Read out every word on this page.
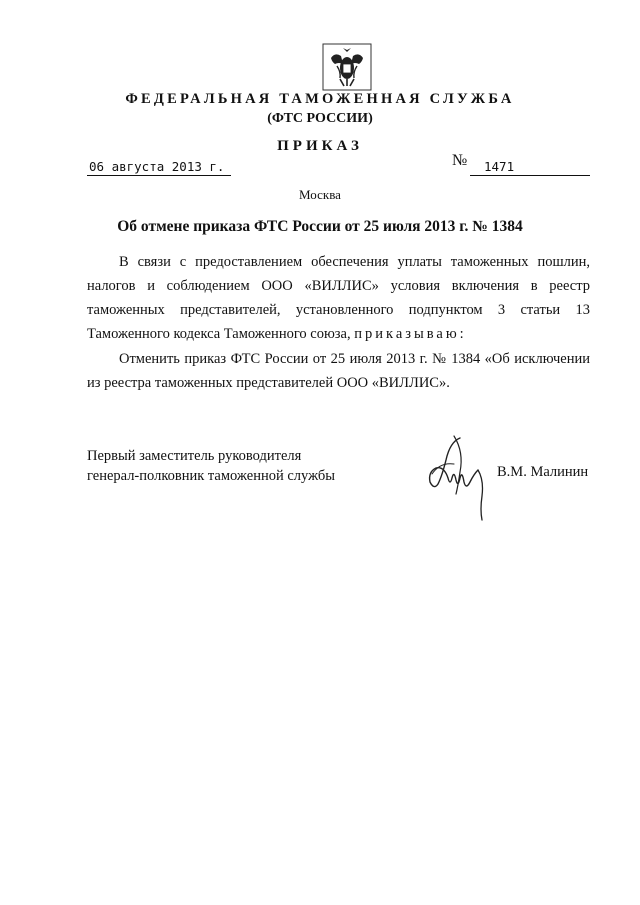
ФЕДЕРАЛЬНАЯ ТАМОЖЕННАЯ СЛУЖБА
(ФТС РОССИИ)
ПРИКАЗ
06 августа 2013 г.	№ 1471
Москва
Об отмене приказа ФТС России от 25 июля 2013 г. № 1384
В связи с предоставлением обеспечения уплаты таможенных пошлин,
налогов и соблюдением ООО «ВИЛЛИС» условия включения в реестр
таможенных представителей, установленного подпунктом 3 статьи 13
Таможенного кодекса Таможенного союза, приказываю:
Отменить приказ ФТС России от 25 июля 2013 г. № 1384 «Об исключении
из реестра таможенных представителей ООО «ВИЛЛИС».
Первый заместитель руководителя
генерал-полковник таможенной службы	В.М. Малинин
